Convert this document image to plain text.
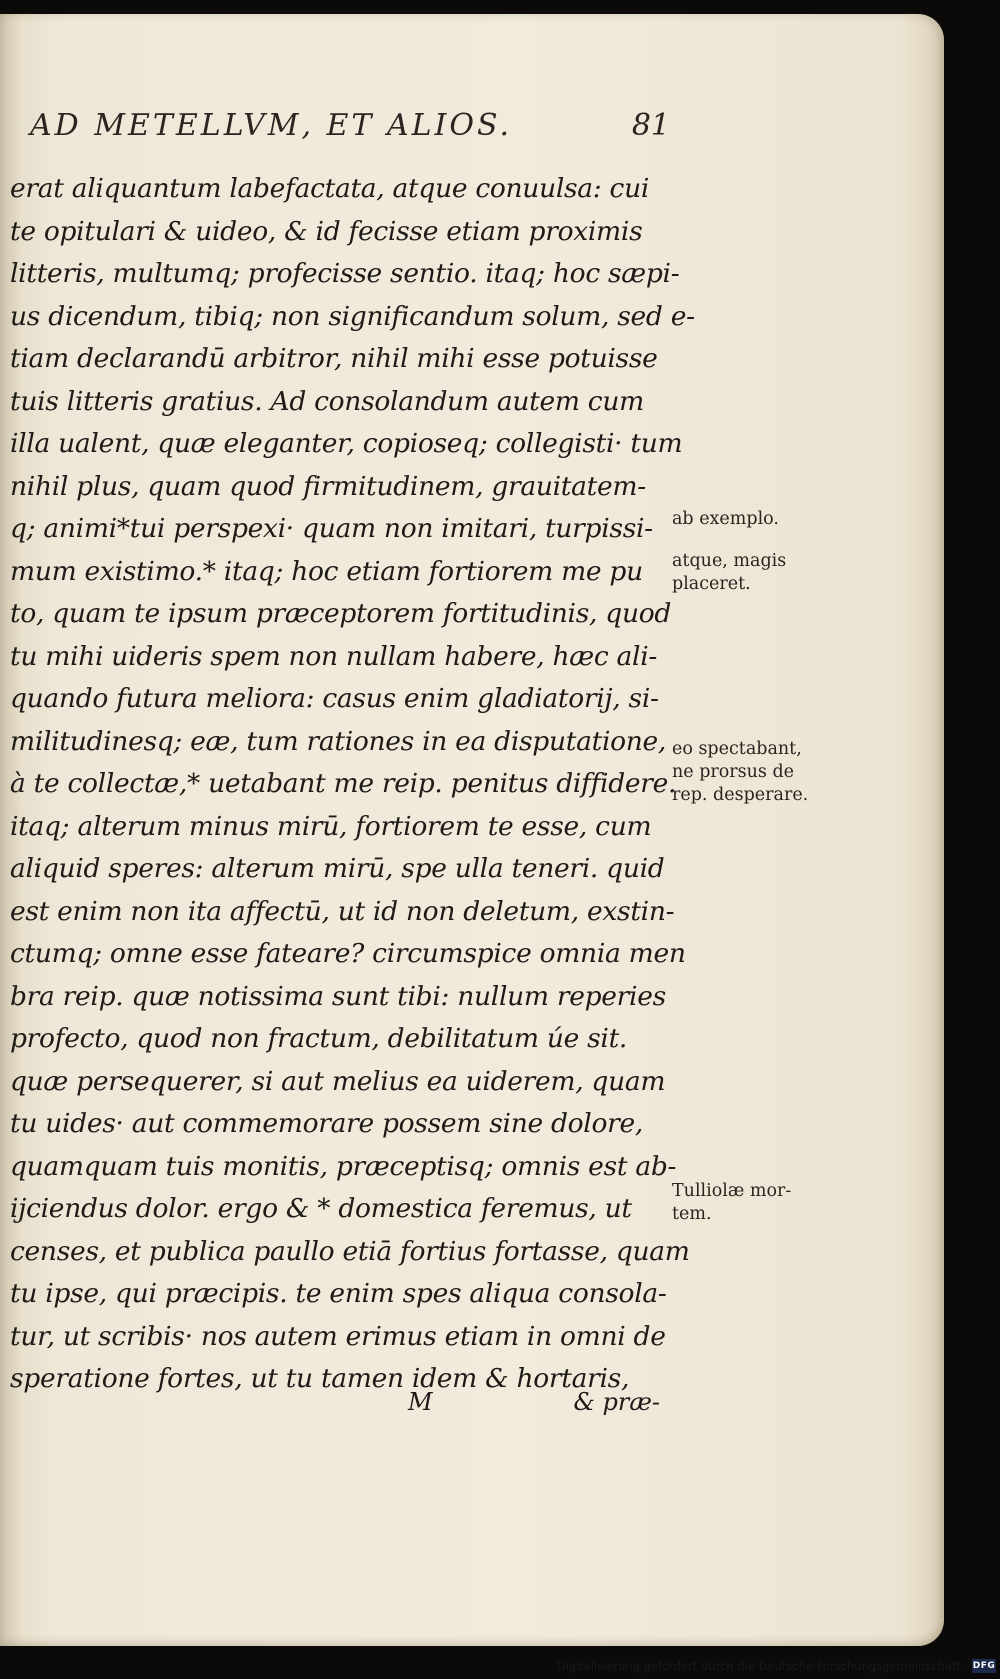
AD METELLVM, ET ALIOS.	81
erat aliquantum labefactata, atque conuulsa: cui
te opitulari & uideo, & id fecisse etiam proximis
litteris, multumq; profecisse sentio. itaq; hoc sæpi-
us dicendum, tibiq; non significandum solum, sed e-
tiam declarandū arbitror, nihil mihi esse potuisse
tuis litteris gratius. Ad consolandum autem cum
illa ualent, quæ eleganter, copioseq; collegisti· tum
nihil plus, quam quod firmitudinem, grauitatem-
q; animi*tui perspexi· quam non imitari, turpissi-
mum existimo.* itaq; hoc etiam fortiorem me pu
to, quam te ipsum præceptorem fortitudinis, quod
tu mihi uideris spem non nullam habere, hæc ali-
quando futura meliora: casus enim gladiatorij, si-
militudinesq; eæ, tum rationes in ea disputatione,
à te collectæ,* uetabant me reip. penitus diffidere.
itaq; alterum minus mirū, fortiorem te esse, cum
aliquid speres: alterum mirū, spe ulla teneri. quid
est enim non ita affectū, ut id non deletum, exstin-
ctumq; omne esse fateare? circumspice omnia men
bra reip. quæ notissima sunt tibi: nullum reperies
profecto, quod non fractum, debilitatum úe sit.
quæ persequerer, si aut melius ea uiderem, quam
tu uides· aut commemorare possem sine dolore,
quamquam tuis monitis, præceptisq; omnis est ab-
ijciendus dolor. ergo & * domestica feremus, ut
censes, et publica paullo etiā fortius fortasse, quam
tu ipse, qui præcipis. te enim spes aliqua consola-
tur, ut scribis· nos autem erimus etiam in omni de
speratione fortes, ut tu tamen idem & hortaris,
ab exemplo.
atque, magis
placeret.
eo spectabant,
ne prorsus de
rep. desperare.
Tulliolæ mor-
tem.
M	& præ-
Digitalisierung gefördert durch die Deutsche Forschungsgemeinschaft - DFG
